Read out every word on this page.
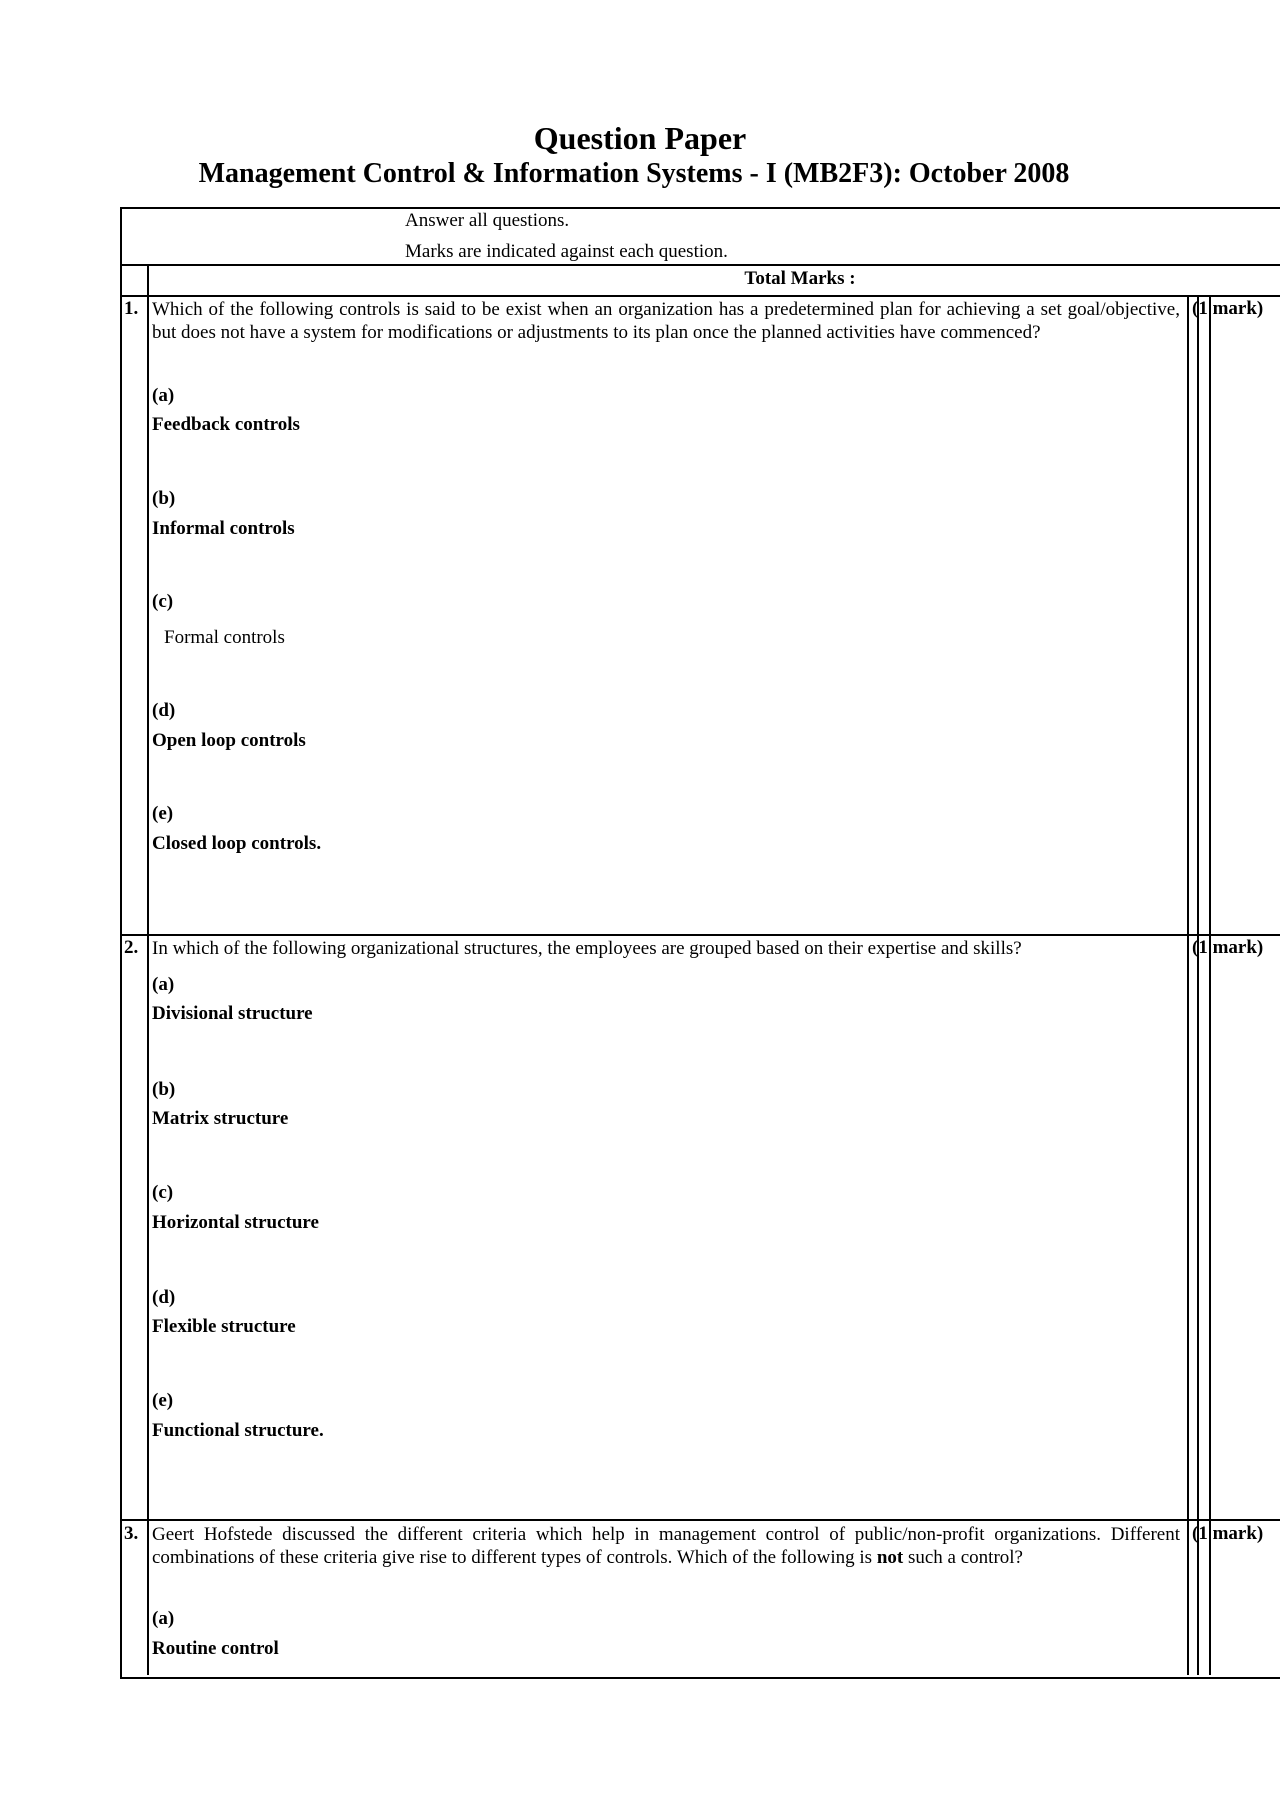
Question Paper
Management Control & Information Systems - I (MB2F3): October 2008
Answer all questions.
Marks are indicated against each question.
Total Marks :
1. Which of the following controls is said to be exist when an organization has a predetermined plan for achieving a set goal/objective, but does not have a system for modifications or adjustments to its plan once the planned activities have commenced?
(1 mark)
(a)
Feedback controls
(b)
Informal controls
(c)
Formal controls
(d)
Open loop controls
(e)
Closed loop controls.
2. In which of the following organizational structures, the employees are grouped based on their expertise and skills?	(1 mark)
(a)
Divisional structure
(b)
Matrix structure
(c)
Horizontal structure
(d)
Flexible structure
(e)
Functional structure.
3. Geert Hofstede discussed the different criteria which help in management control of public/non-profit organizations. Different combinations of these criteria give rise to different types of controls. Which of the following is not such a control?
(1 mark)
(a)
Routine control
